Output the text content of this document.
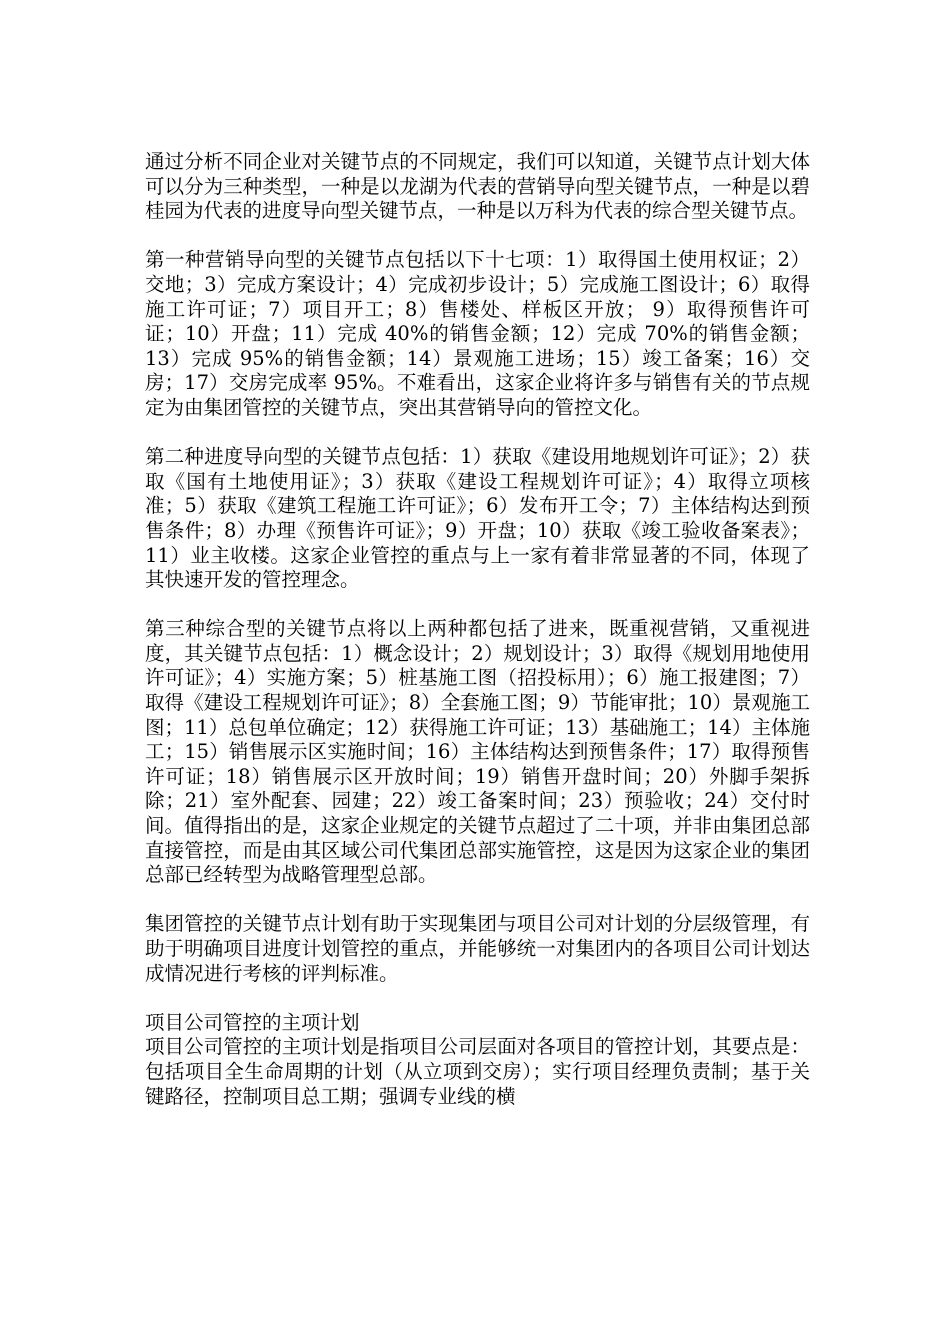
通过分析不同企业对关键节点的不同规定，我们可以知道，关键节点计划大体可以分为三种类型，一种是以龙湖为代表的营销导向型关键节点，一种是以碧桂园为代表的进度导向型关键节点，一种是以万科为代表的综合型关键节点。

第一种营销导向型的关键节点包括以下十七项：1）取得国土使用权证；2）交地；3）完成方案设计；4）完成初步设计；5）完成施工图设计；6）取得施工许可证；7）项目开工；8）售楼处、样板区开放； 9）取得预售许可证；10）开盘；11）完成 40%的销售金额；12）完成 70%的销售金额；13）完成 95%的销售金额；14）景观施工进场；15）竣工备案；16）交房；17）交房完成率 95%。不难看出，这家企业将许多与销售有关的节点规定为由集团管控的关键节点，突出其营销导向的管控文化。

第二种进度导向型的关键节点包括：1）获取《建设用地规划许可证》；2）获取《国有土地使用证》；3）获取《建设工程规划许可证》；4）取得立项核准；5）获取《建筑工程施工许可证》；6）发布开工令；7）主体结构达到预售条件；8）办理《预售许可证》；9）开盘；10）获取《竣工验收备案表》；11）业主收楼。这家企业管控的重点与上一家有着非常显著的不同，体现了其快速开发的管控理念。

第三种综合型的关键节点将以上两种都包括了进来，既重视营销，又重视进度，其关键节点包括：1）概念设计；2）规划设计；3）取得《规划用地使用许可证》；4）实施方案；5）桩基施工图（招投标用）；6）施工报建图；7）取得《建设工程规划许可证》；8）全套施工图；9）节能审批；10）景观施工图；11）总包单位确定；12）获得施工许可证；13）基础施工；14）主体施工；15）销售展示区实施时间；16）主体结构达到预售条件；17）取得预售许可证；18）销售展示区开放时间；19）销售开盘时间；20）外脚手架拆除；21）室外配套、园建；22）竣工备案时间；23）预验收；24）交付时间。值得指出的是，这家企业规定的关键节点超过了二十项，并非由集团总部直接管控，而是由其区域公司代集团总部实施管控，这是因为这家企业的集团总部已经转型为战略管理型总部。

集团管控的关键节点计划有助于实现集团与项目公司对计划的分层级管理，有助于明确项目进度计划管控的重点，并能够统一对集团内的各项目公司计划达成情况进行考核的评判标准。

项目公司管控的主项计划

项目公司管控的主项计划是指项目公司层面对各项目的管控计划，其要点是：包括项目全生命周期的计划（从立项到交房）；实行项目经理负责制；基于关键路径，控制项目总工期；强调专业线的横
